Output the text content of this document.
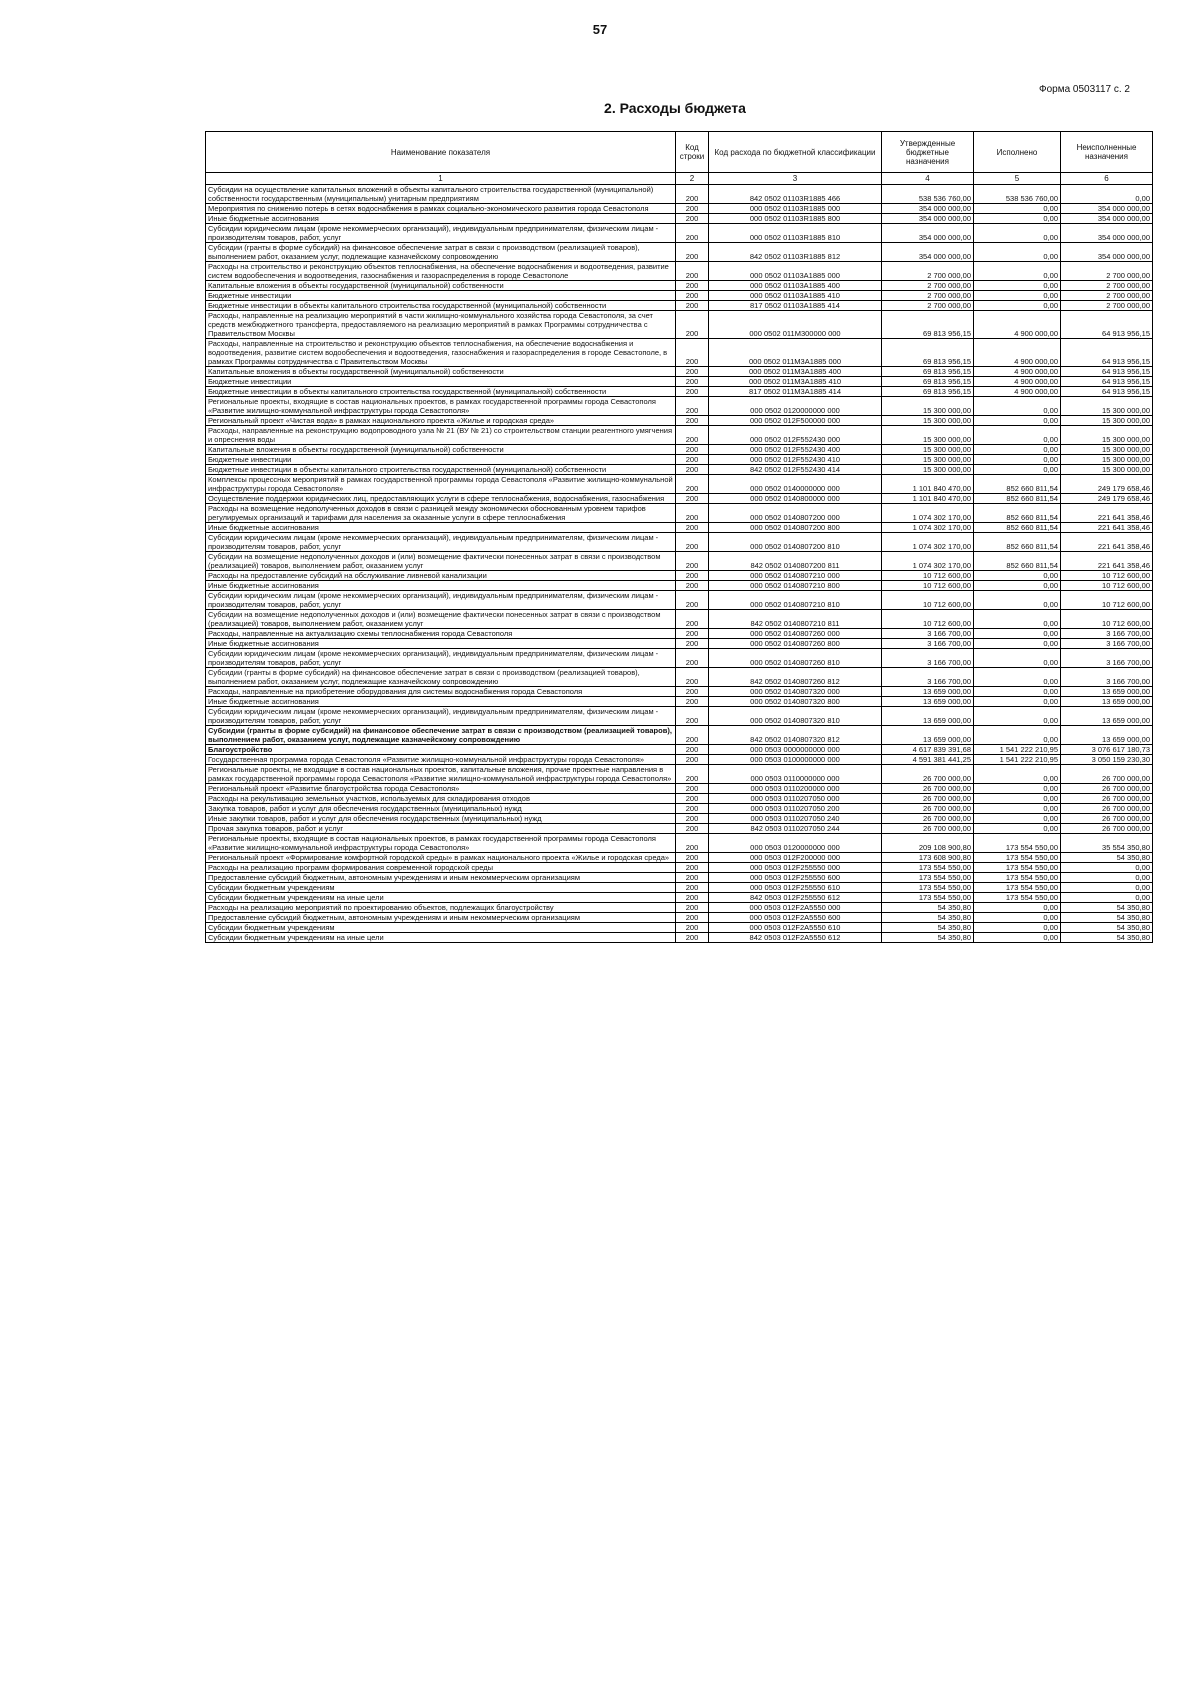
57
Форма 0503117 с. 2
2. Расходы бюджета
Наименование показателя	Код строки	Код расхода по бюджетной классификации	Утвержденные бюджетные назначения	Исполнено	Неисполненные назначения
1	2	3	4	5	6
Субсидии на осуществление капитальных вложений в объекты капитального строительства государственной (муниципальной) собственности государственным (муниципальным) унитарным предприятиям	200	842 0502 01103R1885 466	538 536 760,00	538 536 760,00	0,00
Мероприятия по снижению потерь в сетях водоснабжения в рамках социально-экономического развития города Севастополя	200	000 0502 01103R1885 000	354 000 000,00	0,00	354 000 000,00
Иные бюджетные ассигнования	200	000 0502 01103R1885 800	354 000 000,00	0,00	354 000 000,00
Субсидии юридическим лицам (кроме некоммерческих организаций), индивидуальным предпринимателям, физическим лицам - производителям товаров, работ, услуг	200	000 0502 01103R1885 810	354 000 000,00	0,00	354 000 000,00
Субсидии (гранты в форме субсидий) на финансовое обеспечение затрат в связи с производством (реализацией товаров), выполнением работ, оказанием услуг, подлежащие казначейскому сопровождению	200	842 0502 01103R1885 812	354 000 000,00	0,00	354 000 000,00
Расходы на строительство и реконструкцию объектов теплоснабжения, на обеспечение водоснабжения и водоотведения, развитие систем водообеспечения и водоотведения, газоснабжения и газораспределения в городе Севастополе	200	000 0502 01103A1885 000	2 700 000,00	0,00	2 700 000,00
Капитальные вложения в объекты государственной (муниципальной) собственности	200	000 0502 01103A1885 400	2 700 000,00	0,00	2 700 000,00
Бюджетные инвестиции	200	000 0502 01103A1885 410	2 700 000,00	0,00	2 700 000,00
Бюджетные инвестиции в объекты капитального строительства государственной (муниципальной) собственности	200	817 0502 01103A1885 414	2 700 000,00	0,00	2 700 000,00
Расходы, направленные на реализацию мероприятий в части жилищно-коммунального хозяйства города Севастополя, за счет средств межбюджетного трансферта, предоставляемого на реализацию мероприятий в рамках Программы сотрудничества с Правительством Москвы	200	000 0502 011М300000 000	69 813 956,15	4 900 000,00	64 913 956,15
Расходы, направленные на строительство и реконструкцию объектов теплоснабжения, на обеспечение водоснабжения и водоотведения, развитие систем водообеспечения и водоотведения, газоснабжения и газораспределения в городе Севастополе, в рамках Программы сотрудничества с Правительством Москвы	200	000 0502 011М3А1885 000	69 813 956,15	4 900 000,00	64 913 956,15
Капитальные вложения в объекты государственной (муниципальной) собственности	200	000 0502 011М3А1885 400	69 813 956,15	4 900 000,00	64 913 956,15
Бюджетные инвестиции	200	000 0502 011М3А1885 410	69 813 956,15	4 900 000,00	64 913 956,15
Бюджетные инвестиции в объекты капитального строительства государственной (муниципальной) собственности	200	817 0502 011М3А1885 414	69 813 956,15	4 900 000,00	64 913 956,15
Региональные проекты, входящие в состав национальных проектов, в рамках государственной программы города Севастополя «Развитие жилищно-коммунальной инфраструктуры города Севастополя»	200	000 0502 0120000000 000	15 300 000,00	0,00	15 300 000,00
Региональный проект «Чистая вода» в рамках национального проекта «Жилье и городская среда»	200	000 0502 012F500000 000	15 300 000,00	0,00	15 300 000,00
Расходы, направленные на реконструкцию водопроводного узла № 21 (ВУ № 21) со строительством станции реагентного умягчения и опреснения воды	200	000 0502 012F552430 000	15 300 000,00	0,00	15 300 000,00
Капитальные вложения в объекты государственной (муниципальной) собственности	200	000 0502 012F552430 400	15 300 000,00	0,00	15 300 000,00
Бюджетные инвестиции	200	000 0502 012F552430 410	15 300 000,00	0,00	15 300 000,00
Бюджетные инвестиции в объекты капитального строительства государственной (муниципальной) собственности	200	842 0502 012F552430 414	15 300 000,00	0,00	15 300 000,00
Комплексы процессных мероприятий в рамках государственной программы города Севастополя «Развитие жилищно-коммунальной инфраструктуры города Севастополя»	200	000 0502 0140000000 000	1 101 840 470,00	852 660 811,54	249 179 658,46
Осуществление поддержки юридических лиц, предоставляющих услуги в сфере теплоснабжения, водоснабжения, газоснабжения	200	000 0502 0140800000 000	1 101 840 470,00	852 660 811,54	249 179 658,46
Расходы на возмещение недополученных доходов в связи с разницей между экономически обоснованным уровнем тарифов регулируемых организаций и тарифами для населения за оказанные услуги в сфере теплоснабжения	200	000 0502 0140807200 000	1 074 302 170,00	852 660 811,54	221 641 358,46
Иные бюджетные ассигнования	200	000 0502 0140807200 800	1 074 302 170,00	852 660 811,54	221 641 358,46
Субсидии юридическим лицам (кроме некоммерческих организаций), индивидуальным предпринимателям, физическим лицам - производителям товаров, работ, услуг	200	000 0502 0140807200 810	1 074 302 170,00	852 660 811,54	221 641 358,46
Субсидии на возмещение недополученных доходов и (или) возмещение фактически понесенных затрат в связи с производством (реализацией) товаров, выполнением работ, оказанием услуг	200	842 0502 0140807200 811	1 074 302 170,00	852 660 811,54	221 641 358,46
Расходы на предоставление субсидий на обслуживание ливневой канализации	200	000 0502 0140807210 000	10 712 600,00	0,00	10 712 600,00
Иные бюджетные ассигнования	200	000 0502 0140807210 800	10 712 600,00	0,00	10 712 600,00
Субсидии юридическим лицам (кроме некоммерческих организаций), индивидуальным предпринимателям, физическим лицам - производителям товаров, работ, услуг	200	000 0502 0140807210 810	10 712 600,00	0,00	10 712 600,00
Субсидии на возмещение недополученных доходов и (или) возмещение фактически понесенных затрат в связи с производством (реализацией) товаров, выполнением работ, оказанием услуг	200	842 0502 0140807210 811	10 712 600,00	0,00	10 712 600,00
Расходы, направленные на актуализацию схемы теплоснабжения города Севастополя	200	000 0502 0140807260 000	3 166 700,00	0,00	3 166 700,00
Иные бюджетные ассигнования	200	000 0502 0140807260 800	3 166 700,00	0,00	3 166 700,00
Субсидии юридическим лицам (кроме некоммерческих организаций), индивидуальным предпринимателям, физическим лицам - производителям товаров, работ, услуг	200	000 0502 0140807260 810	3 166 700,00	0,00	3 166 700,00
Субсидии (гранты в форме субсидий) на финансовое обеспечение затрат в связи с производством (реализацией товаров), выполнением работ, оказанием услуг, подлежащие казначейскому сопровождению	200	842 0502 0140807260 812	3 166 700,00	0,00	3 166 700,00
Расходы, направленные на приобретение оборудования для системы водоснабжения города Севастополя	200	000 0502 0140807320 000	13 659 000,00	0,00	13 659 000,00
Иные бюджетные ассигнования	200	000 0502 0140807320 800	13 659 000,00	0,00	13 659 000,00
Субсидии юридическим лицам (кроме некоммерческих организаций), индивидуальным предпринимателям, физическим лицам - производителям товаров, работ, услуг	200	000 0502 0140807320 810	13 659 000,00	0,00	13 659 000,00
Субсидии (гранты в форме субсидий) на финансовое обеспечение затрат в связи с производством (реализацией товаров), выполнением работ, оказанием услуг, подлежащие казначейскому сопровождению	200	842 0502 0140807320 812	13 659 000,00	0,00	13 659 000,00
Благоустройство	200	000 0503 0000000000 000	4 617 839 391,68	1 541 222 210,95	3 076 617 180,73
Государственная программа города Севастополя «Развитие жилищно-коммунальной инфраструктуры города Севастополя»	200	000 0503 0100000000 000	4 591 381 441,25	1 541 222 210,95	3 050 159 230,30
Региональные проекты, не входящие в состав национальных проектов, капитальные вложения, прочие проектные направления в рамках государственной программы города Севастополя «Развитие жилищно-коммунальной инфраструктуры города Севастополя»	200	000 0503 0110000000 000	26 700 000,00	0,00	26 700 000,00
Региональный проект «Развитие благоустройства города Севастополя»	200	000 0503 0110200000 000	26 700 000,00	0,00	26 700 000,00
Расходы на рекультивацию земельных участков, используемых для складирования отходов	200	000 0503 0110207050 000	26 700 000,00	0,00	26 700 000,00
Закупка товаров, работ и услуг для обеспечения государственных (муниципальных) нужд	200	000 0503 0110207050 200	26 700 000,00	0,00	26 700 000,00
Иные закупки товаров, работ и услуг для обеспечения государственных (муниципальных) нужд	200	000 0503 0110207050 240	26 700 000,00	0,00	26 700 000,00
Прочая закупка товаров, работ и услуг	200	842 0503 0110207050 244	26 700 000,00	0,00	26 700 000,00
Региональные проекты, входящие в состав национальных проектов, в рамках государственной программы города Севастополя «Развитие жилищно-коммунальной инфраструктуры города Севастополя»	200	000 0503 0120000000 000	209 108 900,80	173 554 550,00	35 554 350,80
Региональный проект «Формирование комфортной городской среды» в рамках национального проекта «Жилье и городская среда»	200	000 0503 012F200000 000	173 608 900,80	173 554 550,00	54 350,80
Расходы на реализацию программ формирования современной городской среды	200	000 0503 012F255550 000	173 554 550,00	173 554 550,00	0,00
Предоставление субсидий бюджетным, автономным учреждениям и иным некоммерческим организациям	200	000 0503 012F255550 600	173 554 550,00	173 554 550,00	0,00
Субсидии бюджетным учреждениям	200	000 0503 012F255550 610	173 554 550,00	173 554 550,00	0,00
Субсидии бюджетным учреждениям на иные цели	200	842 0503 012F255550 612	173 554 550,00	173 554 550,00	0,00
Расходы на реализацию мероприятий по проектированию объектов, подлежащих благоустройству	200	000 0503 012F2А5550 000	54 350,80	0,00	54 350,80
Предоставление субсидий бюджетным, автономным учреждениям и иным некоммерческим организациям	200	000 0503 012F2А5550 600	54 350,80	0,00	54 350,80
Субсидии бюджетным учреждениям	200	000 0503 012F2А5550 610	54 350,80	0,00	54 350,80
Субсидии бюджетным учреждениям на иные цели	200	842 0503 012F2А5550 612	54 350,80	0,00	54 350,80
